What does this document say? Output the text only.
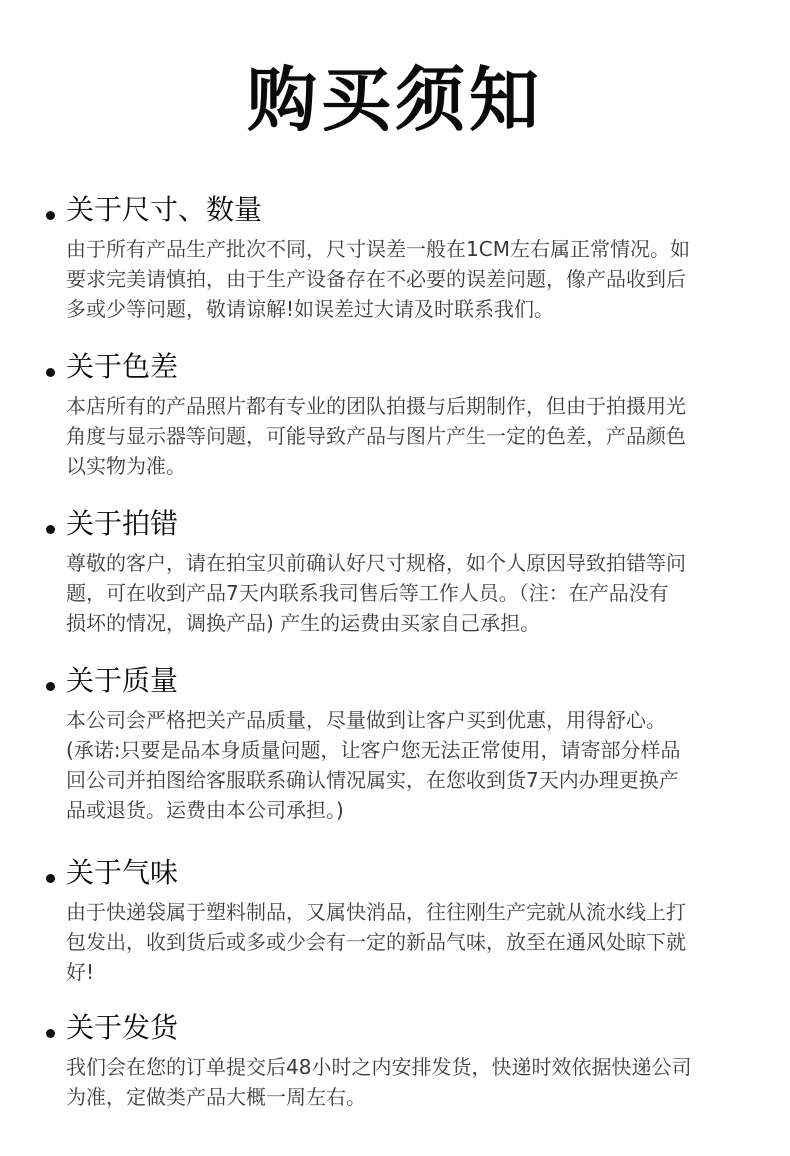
购买须知
关于尺寸、数量
由于所有产品生产批次不同，尺寸误差一般在1CM左右属正常情况。如
要求完美请慎拍，由于生产设备存在不必要的误差问题，像产品收到后
多或少等问题，敬请谅解!如误差过大请及时联系我们。
关于色差
本店所有的产品照片都有专业的团队拍摄与后期制作，但由于拍摄用光
角度与显示器等问题，可能导致产品与图片产生一定的色差，产品颜色
以实物为准。
关于拍错
尊敬的客户，请在拍宝贝前确认好尺寸规格，如个人原因导致拍错等问
题，可在收到产品7天内联系我司售后等工作人员。（注：在产品没有
损坏的情况，调换产品) 产生的运费由买家自己承担。
关于质量
本公司会严格把关产品质量，尽量做到让客户买到优惠，用得舒心。
(承诺:只要是品本身质量问题，让客户您无法正常使用，请寄部分样品
回公司并拍图给客服联系确认情况属实，在您收到货7天内办理更换产
品或退货。运费由本公司承担。)
关于气味
由于快递袋属于塑料制品，又属快消品，往往刚生产完就从流水线上打
包发出，收到货后或多或少会有一定的新品气味，放至在通风处晾下就
好!
关于发货
我们会在您的订单提交后48小时之内安排发货，快递时效依据快递公司
为准，定做类产品大概一周左右。
